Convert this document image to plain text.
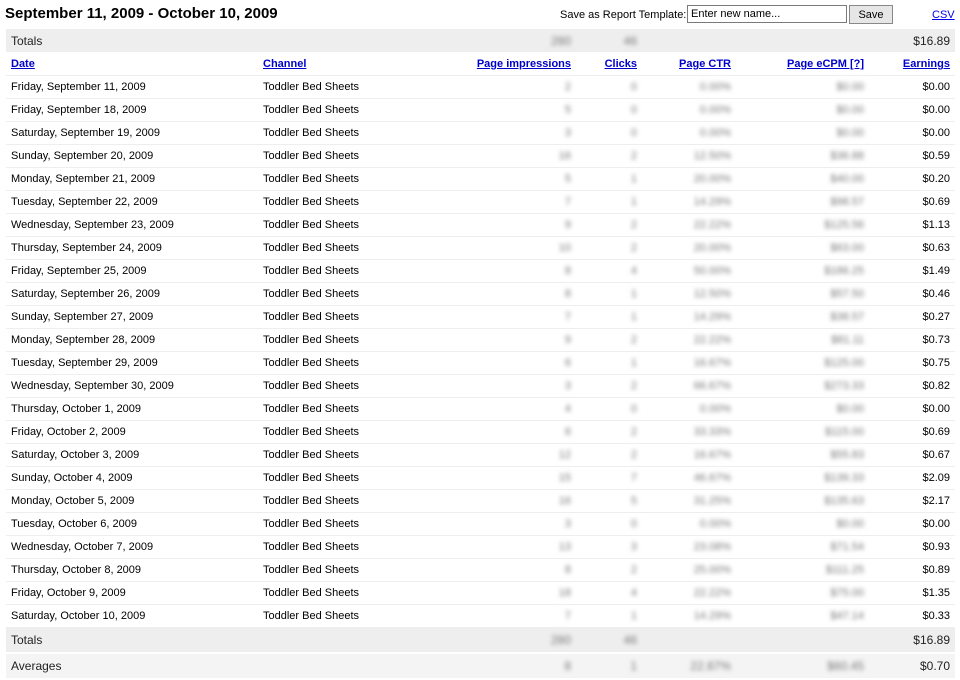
September 11, 2009 - October 10, 2009	Save as Report Template:
Enter new name...	Save	CSV
Totals		280	46			$16.89
Date	Channel	Page impressions	Clicks	Page CTR	Page eCPM [?]	Earnings
Friday, September 11, 2009	Toddler Bed Sheets	2	0	0.00%	$0.00	$0.00
Friday, September 18, 2009	Toddler Bed Sheets	5	0	0.00%	$0.00	$0.00
Saturday, September 19, 2009	Toddler Bed Sheets	3	0	0.00%	$0.00	$0.00
Sunday, September 20, 2009	Toddler Bed Sheets	16	2	12.50%	$36.88	$0.59
Monday, September 21, 2009	Toddler Bed Sheets	5	1	20.00%	$40.00	$0.20
Tuesday, September 22, 2009	Toddler Bed Sheets	7	1	14.29%	$98.57	$0.69
Wednesday, September 23, 2009	Toddler Bed Sheets	9	2	22.22%	$125.56	$1.13
Thursday, September 24, 2009	Toddler Bed Sheets	10	2	20.00%	$63.00	$0.63
Friday, September 25, 2009	Toddler Bed Sheets	8	4	50.00%	$186.25	$1.49
Saturday, September 26, 2009	Toddler Bed Sheets	8	1	12.50%	$57.50	$0.46
Sunday, September 27, 2009	Toddler Bed Sheets	7	1	14.29%	$38.57	$0.27
Monday, September 28, 2009	Toddler Bed Sheets	9	2	22.22%	$81.11	$0.73
Tuesday, September 29, 2009	Toddler Bed Sheets	6	1	16.67%	$125.00	$0.75
Wednesday, September 30, 2009	Toddler Bed Sheets	3	2	66.67%	$273.33	$0.82
Thursday, October 1, 2009	Toddler Bed Sheets	4	0	0.00%	$0.00	$0.00
Friday, October 2, 2009	Toddler Bed Sheets	6	2	33.33%	$115.00	$0.69
Saturday, October 3, 2009	Toddler Bed Sheets	12	2	16.67%	$55.83	$0.67
Sunday, October 4, 2009	Toddler Bed Sheets	15	7	46.67%	$139.33	$2.09
Monday, October 5, 2009	Toddler Bed Sheets	16	5	31.25%	$135.63	$2.17
Tuesday, October 6, 2009	Toddler Bed Sheets	3	0	0.00%	$0.00	$0.00
Wednesday, October 7, 2009	Toddler Bed Sheets	13	3	23.08%	$71.54	$0.93
Thursday, October 8, 2009	Toddler Bed Sheets	8	2	25.00%	$111.25	$0.89
Friday, October 9, 2009	Toddler Bed Sheets	18	4	22.22%	$75.00	$1.35
Saturday, October 10, 2009	Toddler Bed Sheets	7	1	14.29%	$47.14	$0.33
Totals		280	46			$16.89
Averages		8	1	22.87%	$60.45	$0.70
